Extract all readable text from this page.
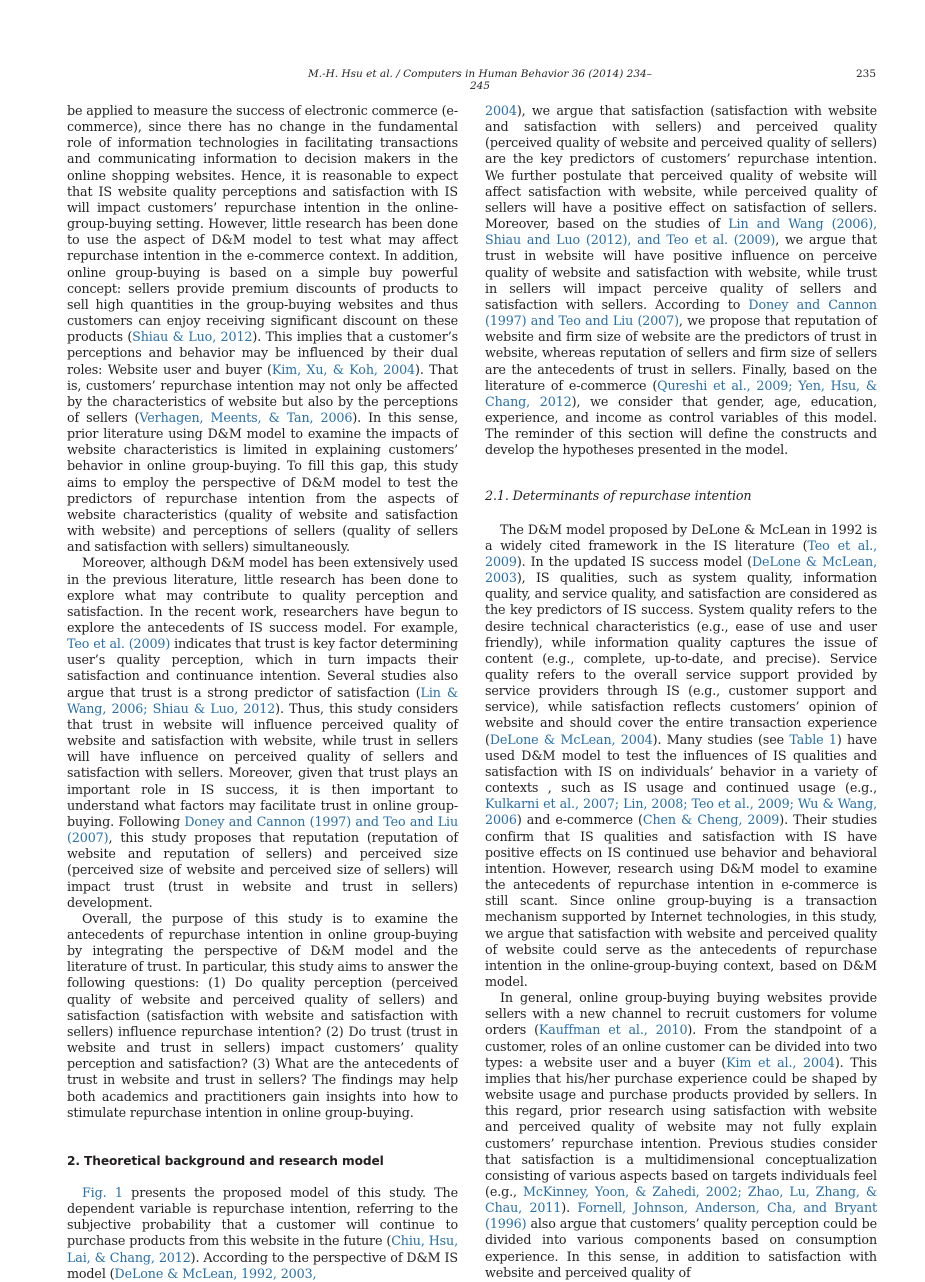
M.-H. Hsu et al. / Computers in Human Behavior 36 (2014) 234–245
235

be applied to measure the success of electronic commerce (e-commerce), since there has no change in the fundamental role of information technologies in facilitating transactions and communicating information to decision makers in the online shopping websites. Hence, it is reasonable to expect that IS website quality perceptions and satisfaction with IS will impact customers’ repurchase intention in the online-group-buying setting. However, little research has been done to use the aspect of D&M model to test what may affect repurchase intention in the e-commerce context. In addition, online group-buying is based on a simple buy powerful concept: sellers provide premium discounts of products to sell high quantities in the group-buying websites and thus customers can enjoy receiving significant discount on these products (Shiau & Luo, 2012). This implies that a customer’s perceptions and behavior may be influenced by their dual roles: Website user and buyer (Kim, Xu, & Koh, 2004). That is, customers’ repurchase intention may not only be affected by the characteristics of website but also by the perceptions of sellers (Verhagen, Meents, & Tan, 2006). In this sense, prior literature using D&M model to examine the impacts of website characteristics is limited in explaining customers’ behavior in online group-buying. To fill this gap, this study aims to employ the perspective of D&M model to test the predictors of repurchase intention from the aspects of website characteristics (quality of website and satisfaction with website) and perceptions of sellers (quality of sellers and satisfaction with sellers) simultaneously.

Moreover, although D&M model has been extensively used in the previous literature, little research has been done to explore what may contribute to quality perception and satisfaction. In the recent work, researchers have begun to explore the antecedents of IS success model. For example, Teo et al. (2009) indicates that trust is key factor determining user’s quality perception, which in turn impacts their satisfaction and continuance intention. Several studies also argue that trust is a strong predictor of satisfaction (Lin & Wang, 2006; Shiau & Luo, 2012). Thus, this study considers that trust in website will influence perceived quality of website and satisfaction with website, while trust in sellers will have influence on perceived quality of sellers and satisfaction with sellers. Moreover, given that trust plays an important role in IS success, it is then important to understand what factors may facilitate trust in online group-buying. Following Doney and Cannon (1997) and Teo and Liu (2007), this study proposes that reputation (reputation of website and reputation of sellers) and perceived size (perceived size of website and perceived size of sellers) will impact trust (trust in website and trust in sellers) development.

Overall, the purpose of this study is to examine the antecedents of repurchase intention in online group-buying by integrating the perspective of D&M model and the literature of trust. In particular, this study aims to answer the following questions: (1) Do quality perception (perceived quality of website and perceived quality of sellers) and satisfaction (satisfaction with website and satisfaction with sellers) influence repurchase intention? (2) Do trust (trust in website and trust in sellers) impact customers’ quality perception and satisfaction? (3) What are the antecedents of trust in website and trust in sellers? The findings may help both academics and practitioners gain insights into how to stimulate repurchase intention in online group-buying.

2. Theoretical background and research model

Fig. 1 presents the proposed model of this study. The dependent variable is repurchase intention, referring to the subjective probability that a customer will continue to purchase products from this website in the future (Chiu, Hsu, Lai, & Chang, 2012). According to the perspective of D&M IS model (DeLone & McLean, 1992, 2003,

2004), we argue that satisfaction (satisfaction with website and satisfaction with sellers) and perceived quality (perceived quality of website and perceived quality of sellers) are the key predictors of customers’ repurchase intention. We further postulate that perceived quality of website will affect satisfaction with website, while perceived quality of sellers will have a positive effect on satisfaction of sellers. Moreover, based on the studies of Lin and Wang (2006), Shiau and Luo (2012), and Teo et al. (2009), we argue that trust in website will have positive influence on perceive quality of website and satisfaction with website, while trust in sellers will impact perceive quality of sellers and satisfaction with sellers. According to Doney and Cannon (1997) and Teo and Liu (2007), we propose that reputation of website and firm size of website are the predictors of trust in website, whereas reputation of sellers and firm size of sellers are the antecedents of trust in sellers. Finally, based on the literature of e-commerce (Qureshi et al., 2009; Yen, Hsu, & Chang, 2012), we consider that gender, age, education, experience, and income as control variables of this model. The reminder of this section will define the constructs and develop the hypotheses presented in the model.

2.1. Determinants of repurchase intention

The D&M model proposed by DeLone & McLean in 1992 is a widely cited framework in the IS literature (Teo et al., 2009). In the updated IS success model (DeLone & McLean, 2003), IS qualities, such as system quality, information quality, and service quality, and satisfaction are considered as the key predictors of IS success. System quality refers to the desire technical characteristics (e.g., ease of use and user friendly), while information quality captures the issue of content (e.g., complete, up-to-date, and precise). Service quality refers to the overall service support provided by service providers through IS (e.g., customer support and service), while satisfaction reflects customers’ opinion of website and should cover the entire transaction experience (DeLone & McLean, 2004). Many studies (see Table 1) have used D&M model to test the influences of IS qualities and satisfaction with IS on individuals’ behavior in a variety of contexts , such as IS usage and continued usage (e.g., Kulkarni et al., 2007; Lin, 2008; Teo et al., 2009; Wu & Wang, 2006) and e-commerce (Chen & Cheng, 2009). Their studies confirm that IS qualities and satisfaction with IS have positive effects on IS continued use behavior and behavioral intention. However, research using D&M model to examine the antecedents of repurchase intention in e-commerce is still scant. Since online group-buying is a transaction mechanism supported by Internet technologies, in this study, we argue that satisfaction with website and perceived quality of website could serve as the antecedents of repurchase intention in the online-group-buying context, based on D&M model.

In general, online group-buying buying websites provide sellers with a new channel to recruit customers for volume orders (Kauffman et al., 2010). From the standpoint of a customer, roles of an online customer can be divided into two types: a website user and a buyer (Kim et al., 2004). This implies that his/her purchase experience could be shaped by website usage and purchase products provided by sellers. In this regard, prior research using satisfaction with website and perceived quality of website may not fully explain customers’ repurchase intention. Previous studies consider that satisfaction is a multidimensional conceptualization consisting of various aspects based on targets individuals feel (e.g., McKinney, Yoon, & Zahedi, 2002; Zhao, Lu, Zhang, & Chau, 2011). Fornell, Johnson, Anderson, Cha, and Bryant (1996) also argue that customers’ quality perception could be divided into various components based on consumption experience. In this sense, in addition to satisfaction with website and perceived quality of
